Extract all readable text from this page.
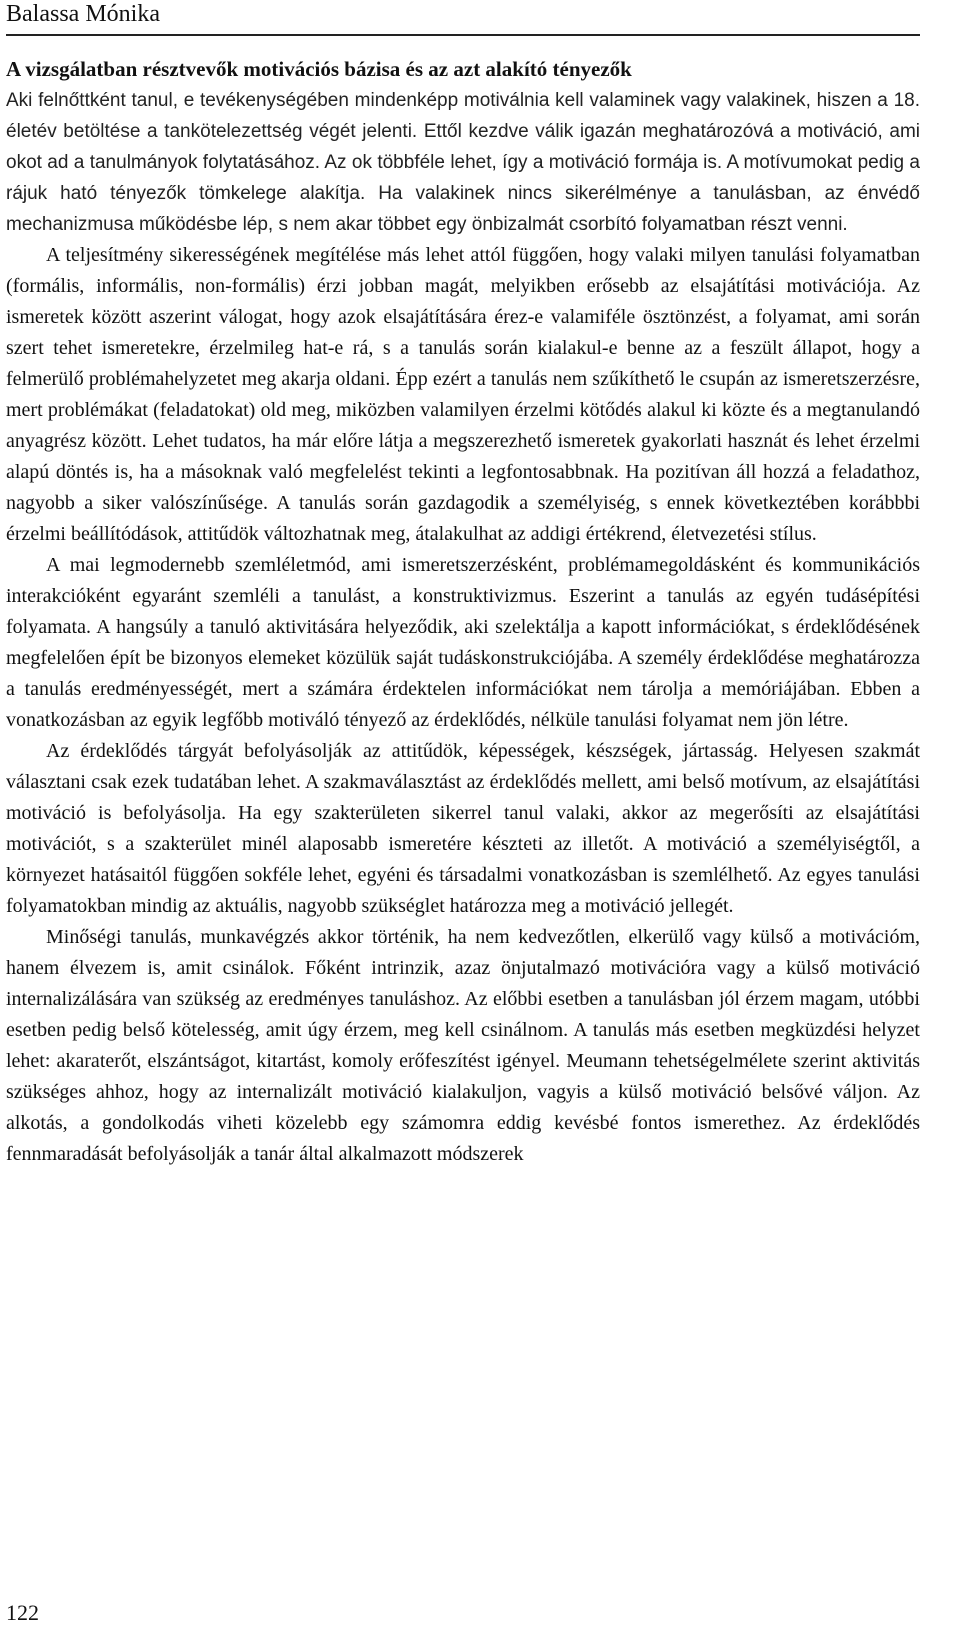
Balassa Mónika
A vizsgálatban résztvevők motivációs bázisa és az azt alakító tényezők

Aki felnőttként tanul, e tevékenységében mindenképp motiválnia kell valaminek vagy valakinek, hiszen a 18. életév betöltése a tankötelezettség végét jelenti. Ettől kezdve válik igazán meghatározóvá a motiváció, ami okot ad a tanulmányok folytatásához. Az ok többféle lehet, így a motiváció formája is. A motívumokat pedig a rájuk ható tényezők tömkelege alakítja. Ha valakinek nincs sikerélménye a tanulásban, az énvédő mechanizmusa működésbe lép, s nem akar többet egy önbizalmát csorbító folyamatban részt venni.

A teljesítmény sikerességének megítélése más lehet attól függően, hogy valaki milyen tanulási folyamatban (formális, informális, non-formális) érzi jobban magát, melyikben erősebb az elsajátítási motivációja. Az ismeretek között aszerint válogat, hogy azok elsajátítására érez-e valamiféle ösztönzést, a folyamat, ami során szert tehet ismeretekre, érzelmileg hat-e rá, s a tanulás során kialakul-e benne az a feszült állapot, hogy a felmerülő problémahelyzetet meg akarja oldani. Épp ezért a tanulás nem szűkíthető le csupán az ismeretszerzésre, mert problémákat (feladatokat) old meg, miközben valamilyen érzelmi kötődés alakul ki közte és a megtanulandó anyagrész között. Lehet tudatos, ha már előre látja a megszerezhető ismeretek gyakorlati hasznát és lehet érzelmi alapú döntés is, ha a másoknak való megfelelést tekinti a legfontosabbnak. Ha pozitívan áll hozzá a feladathoz, nagyobb a siker valószínűsége. A tanulás során gazdagodik a személyiség, s ennek következtében korábbbi érzelmi beállítódások, attitűdök változhatnak meg, átalakulhat az addigi értékrend, életvezetési stílus.

A mai legmodernebb szemléletmód, ami ismeretszerzésként, problémamegoldásként és kommunikációs interakcióként egyaránt szemléli a tanulást, a konstruktivizmus. Eszerint a tanulás az egyén tudásépítési folyamata. A hangsúly a tanuló aktivitására helyeződik, aki szelektálja a kapott információkat, s érdeklődésének megfelelően épít be bizonyos elemeket közülük saját tudáskonstrukciójába. A személy érdeklődése meghatározza a tanulás eredményességét, mert a számára érdektelen információkat nem tárolja a memóriájában. Ebben a vonatkozásban az egyik legfőbb motiváló tényező az érdeklődés, nélküle tanulási folyamat nem jön létre.

Az érdeklődés tárgyát befolyásolják az attitűdök, képességek, készségek, jártasság. Helyesen szakmát választani csak ezek tudatában lehet. A szakmaválasztást az érdeklődés mellett, ami belső motívum, az elsajátítási motiváció is befolyásolja. Ha egy szakterületen sikerrel tanul valaki, akkor az megerősíti az elsajátítási motivációt, s a szakterület minél alaposabb ismeretére készteti az illetőt. A motiváció a személyiségtől, a környezet hatásaitól függően sokféle lehet, egyéni és társadalmi vonatkozásban is szemlélhető. Az egyes tanulási folyamatokban mindig az aktuális, nagyobb szükséglet határozza meg a motiváció jellegét.

Minőségi tanulás, munkavégzés akkor történik, ha nem kedvezőtlen, elkerülő vagy külső a motivációm, hanem élvezem is, amit csinálok. Főként intrinzik, azaz önjutalmazó motivációra vagy a külső motiváció internalizálására van szükség az eredményes tanuláshoz. Az előbbi esetben a tanulásban jól érzem magam, utóbbi esetben pedig belső kötelesség, amit úgy érzem, meg kell csinálnom. A tanulás más esetben megküzdési helyzet lehet: akaraterőt, elszántságot, kitartást, komoly erőfeszítést igényel. Meumann tehetségelmélete szerint aktivitás szükséges ahhoz, hogy az internalizált motiváció kialakuljon, vagyis a külső motiváció belsővé váljon. Az alkotás, a gondolkodás viheti közelebb egy számomra eddig kevésbé fontos ismerethez. Az érdeklődés fennmaradását befolyásolják a tanár által alkalmazott módszerek

122
